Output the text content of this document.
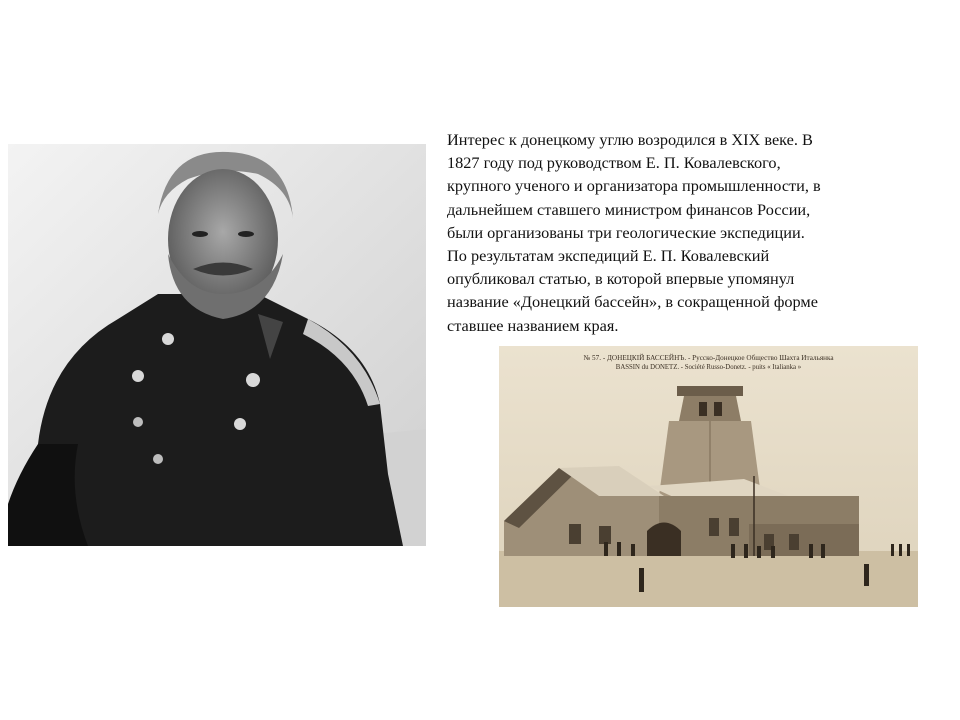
Интерес к донецкому углю возродился в XIX веке. В
1827 году под руководством Е. П. Ковалевского,
крупного ученого и организатора промышленности, в
дальнейшем ставшего министром финансов России,
были организованы три геологические экспедиции.
По результатам экспедиций Е. П. Ковалевский
опубликовал статью, в которой впервые упомянул
название «Донецкий бассейн», в сокращенной форме
ставшее названием края.
№ 57. - ДОНЕЦКІЙ БАССЕЙНЪ. - Русско-Донецкое Общество Шахта Итальянка
BASSIN du DONETZ. - Société Russo-Donetz. - puits « Italianka »
